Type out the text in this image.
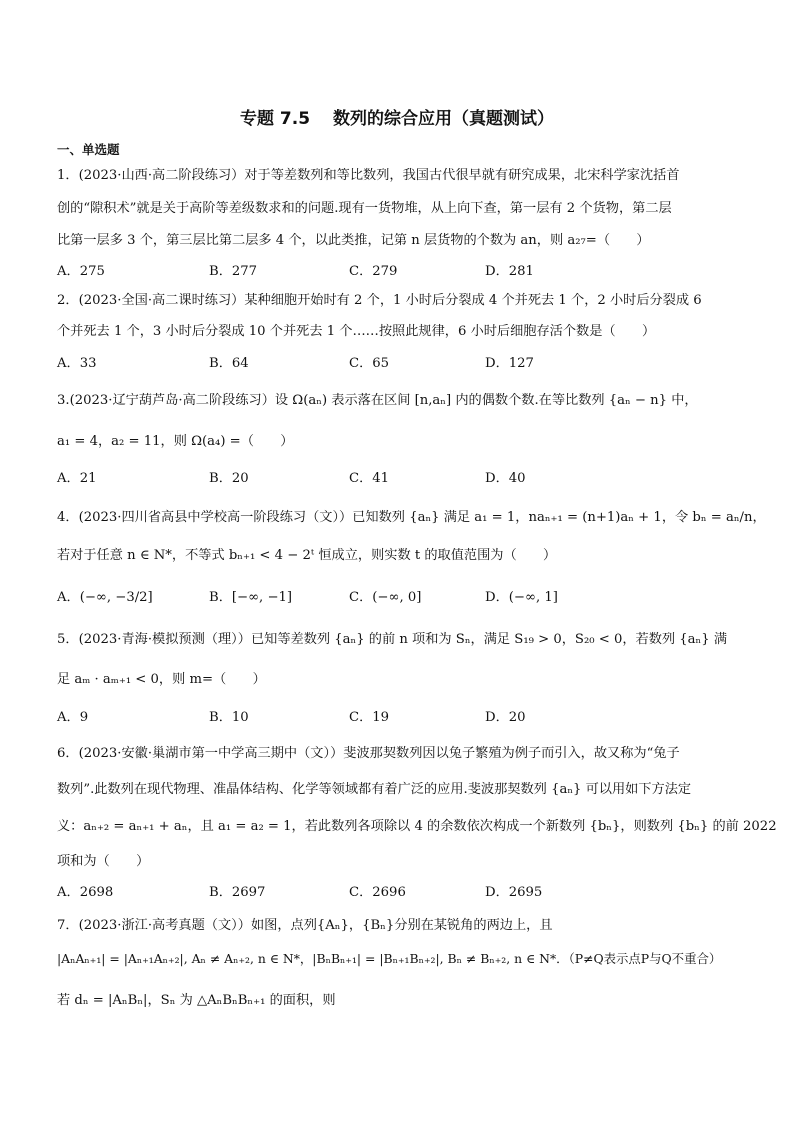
专题 7.5　 数列的综合应用（真题测试）
一、单选题
1．(2023·山西·高二阶段练习）对于等差数列和等比数列，我国古代很早就有研究成果，北宋科学家沈括首
创的“隙积术”就是关于高阶等差级数求和的问题.现有一货物堆，从上向下查，第一层有 2 个货物，第二层
比第一层多 3 个，第三层比第二层多 4 个，以此类推，记第 n 层货物的个数为 an，则 a₂₇=（　　）
A．275	B．277	C．279	D．281
2．(2023·全国·高二课时练习）某种细胞开始时有 2 个，1 小时后分裂成 4 个并死去 1 个，2 小时后分裂成 6
个并死去 1 个，3 小时后分裂成 10 个并死去 1 个……按照此规律，6 小时后细胞存活个数是（　　）
A．33	B．64	C．65	D．127
3.(2023·辽宁葫芦岛·高二阶段练习）设 Ω(aₙ) 表示落在区间 [n,aₙ] 内的偶数个数.在等比数列 {aₙ − n} 中，
a₁ = 4，a₂ = 11，则 Ω(a₄) =（　　）
A．21	B．20	C．41	D．40
4．(2023·四川省高县中学校高一阶段练习（文））已知数列 {aₙ} 满足 a₁ = 1，naₙ₊₁ = (n+1)aₙ + 1，令 bₙ = aₙ/n，
若对于任意 n ∈ N*，不等式 bₙ₊₁ < 4 − 2ᵗ 恒成立，则实数 t 的取值范围为（　　）
A．(−∞, −3/2]	B．[−∞, −1]	C．(−∞, 0]	D．(−∞, 1]
5．(2023·青海·模拟预测（理））已知等差数列 {aₙ} 的前 n 项和为 Sₙ，满足 S₁₉ > 0，S₂₀ < 0，若数列 {aₙ} 满
足 aₘ · aₘ₊₁ < 0，则 m=（　　）
A．9	B．10	C．19	D．20
6．(2023·安徽·巢湖市第一中学高三期中（文））斐波那契数列因以兔子繁殖为例子而引入，故又称为“兔子
数列”.此数列在现代物理、准晶体结构、化学等领域都有着广泛的应用.斐波那契数列 {aₙ} 可以用如下方法定
义：aₙ₊₂ = aₙ₊₁ + aₙ，且 a₁ = a₂ = 1，若此数列各项除以 4 的余数依次构成一个新数列 {bₙ}，则数列 {bₙ} 的前 2022
项和为（　　）
A．2698	B．2697	C．2696	D．2695
7．(2023·浙江·高考真题（文））如图，点列{Aₙ}，{Bₙ}分别在某锐角的两边上，且
|AₙAₙ₊₁| = |Aₙ₊₁Aₙ₊₂|, Aₙ ≠ Aₙ₊₂, n ∈ N*，|BₙBₙ₊₁| = |Bₙ₊₁Bₙ₊₂|, Bₙ ≠ Bₙ₊₂, n ∈ N*．（P≠Q表示点P与Q不重合）
若 dₙ = |AₙBₙ|，Sₙ 为 △AₙBₙBₙ₊₁ 的面积，则
